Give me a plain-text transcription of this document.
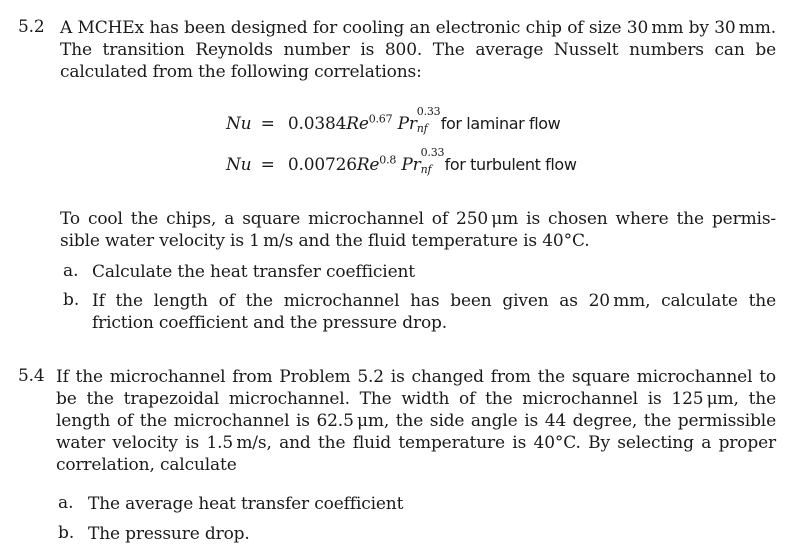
5.2 A MCHEx has been designed for cooling an electronic chip of size 30 mm by 30 mm. The transition Reynolds number is 800. The average Nusselt numbers can be calculated from the following correlations:
$Nu = 0.0384Re^{0.67}$ Pr
0.33
nf for laminar flow
$Nu = 0.00726Re^{0.8}$ Pr
0.33
nf for turbulent flow
To cool the chips, a square microchannel of 250 μm is chosen where the permis-sible water velocity is 1 m/s and the fluid temperature is 40°C.
a. Calculate the heat transfer coefficient
b. If the length of the microchannel has been given as 20 mm, calculate the friction coefficient and the pressure drop.
5.4 If the microchannel from Problem 5.2 is changed from the square microchannel to be the trapezoidal microchannel. The width of the microchannel is 125 μm, the length of the microchannel is 62.5 μm, the side angle is 44 degree, the permissible water velocity is 1.5 m/s, and the fluid temperature is 40°C. By selecting a proper correlation, calculate
a. The average heat transfer coefficient
b. The pressure drop.
